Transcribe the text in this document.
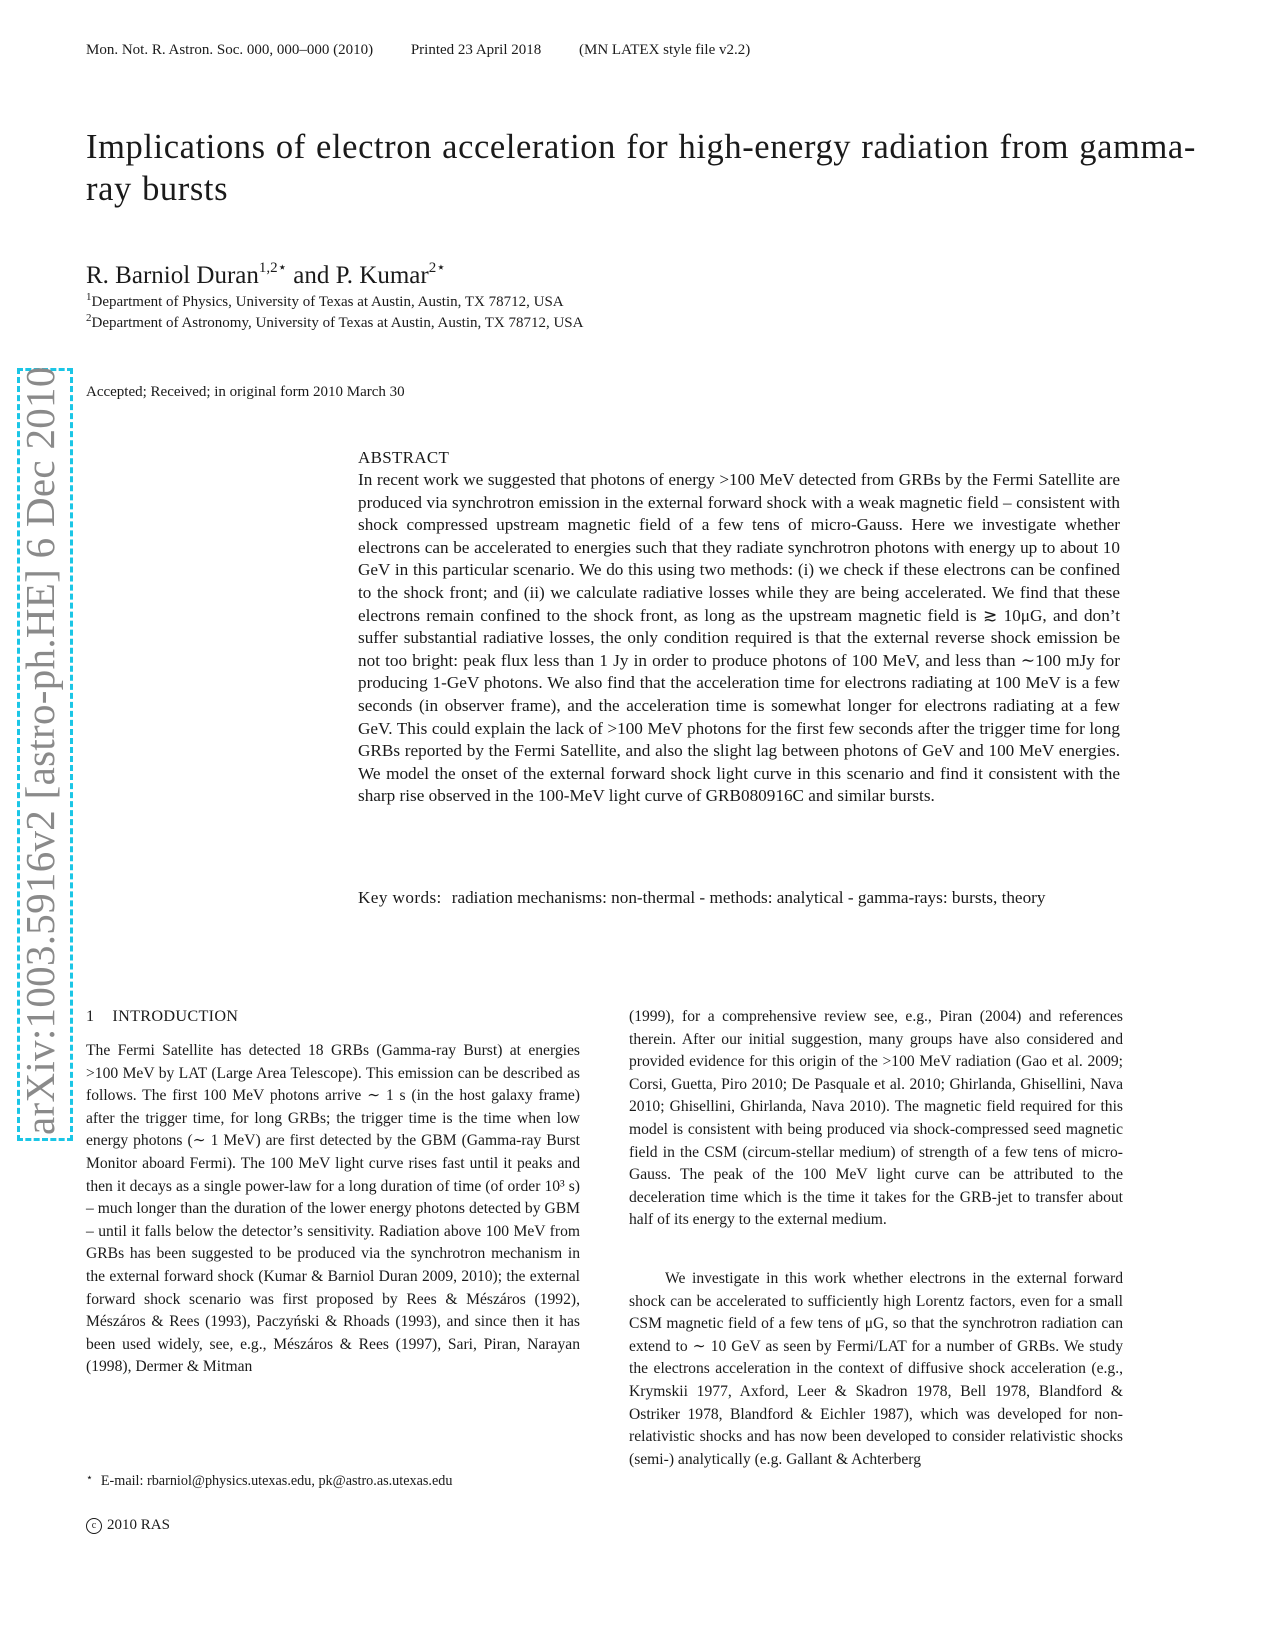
Mon. Not. R. Astron. Soc. 000, 000–000 (2010)	Printed 23 April 2018	(MN LATEX style file v2.2)
Implications of electron acceleration for high-energy radiation from gamma-ray bursts
R. Barniol Duran$^{1,2⋆}$ and P. Kumar$^{2⋆}$
$^1$Department of Physics, University of Texas at Austin, Austin, TX 78712, USA
$^2$Department of Astronomy, University of Texas at Austin, Austin, TX 78712, USA
Accepted; Received; in original form 2010 March 30
arXiv:1003.5916v2 [astro-ph.HE] 6 Dec 2010	ABSTRACT
In recent work we suggested that photons of energy >100 MeV detected from GRBs by the Fermi Satellite are produced via synchrotron emission in the external forward shock with a weak magnetic field – consistent with shock compressed upstream magnetic field of a few tens of micro-Gauss. Here we investigate whether electrons can be accelerated to energies such that they radiate synchrotron photons with energy up to about 10 GeV in this particular scenario. We do this using two methods: (i) we check if these electrons can be confined to the shock front; and (ii) we calculate radiative losses while they are being accelerated. We find that these electrons remain confined to the shock front, as long as the upstream magnetic field is ≳ 10μG, and don’t suffer substantial radiative losses, the only condition required is that the external reverse shock emission be not too bright: peak flux less than 1 Jy in order to produce photons of 100 MeV, and less than ∼100 mJy for producing 1-GeV photons. We also find that the acceleration time for electrons radiating at 100 MeV is a few seconds (in observer frame), and the acceleration time is somewhat longer for electrons radiating at a few GeV. This could explain the lack of >100 MeV photons for the first few seconds after the trigger time for long GRBs reported by the Fermi Satellite, and also the slight lag between photons of GeV and 100 MeV energies. We model the onset of the external forward shock light curve in this scenario and find it consistent with the sharp rise observed in the 100-MeV light curve of GRB080916C and similar bursts.
Key words: radiation mechanisms: non-thermal - methods: analytical - gamma-rays: bursts, theory
1 INTRODUCTION

The Fermi Satellite has detected 18 GRBs (Gamma-ray Burst) at energies >100 MeV by LAT (Large Area Telescope). This emission can be described as follows. The first 100 MeV photons arrive ∼ 1 s (in the host galaxy frame) after the trigger time, for long GRBs; the trigger time is the time when low energy photons (∼ 1 MeV) are first detected by the GBM (Gamma-ray Burst Monitor aboard Fermi). The 100 MeV light curve rises fast until it peaks and then it decays as a single power-law for a long duration of time (of order 10³ s) – much longer than the duration of the lower energy photons detected by GBM – until it falls below the detector’s sensitivity. Radiation above 100 MeV from GRBs has been suggested to be produced via the synchrotron mechanism in the external forward shock (Kumar & Barniol Duran 2009, 2010); the external forward shock scenario was first proposed by Rees & Mészáros (1992), Mészáros & Rees (1993), Paczyński & Rhoads (1993), and since then it has been used widely, see, e.g., Mészáros & Rees (1997), Sari, Piran, Narayan (1998), Dermer & Mitman

(1999), for a comprehensive review see, e.g., Piran (2004) and references therein. After our initial suggestion, many groups have also considered and provided evidence for this origin of the >100 MeV radiation (Gao et al. 2009; Corsi, Guetta, Piro 2010; De Pasquale et al. 2010; Ghirlanda, Ghisellini, Nava 2010; Ghisellini, Ghirlanda, Nava 2010). The magnetic field required for this model is consistent with being produced via shock-compressed seed magnetic field in the CSM (circum-stellar medium) of strength of a few tens of micro-Gauss. The peak of the 100 MeV light curve can be attributed to the deceleration time which is the time it takes for the GRB-jet to transfer about half of its energy to the external medium.

We investigate in this work whether electrons in the external forward shock can be accelerated to sufficiently high Lorentz factors, even for a small CSM magnetic field of a few tens of μG, so that the synchrotron radiation can extend to ∼ 10 GeV as seen by Fermi/LAT for a number of GRBs. We study the electrons acceleration in the context of diffusive shock acceleration (e.g., Krymskii 1977, Axford, Leer & Skadron 1978, Bell 1978, Blandford & Ostriker 1978, Blandford & Eichler 1987), which was developed for non-relativistic shocks and has now been developed to consider relativistic shocks (semi-) analytically (e.g. Gallant & Achterberg

⋆ E-mail: rbarniol@physics.utexas.edu, pk@astro.as.utexas.edu
c 2010 RAS
